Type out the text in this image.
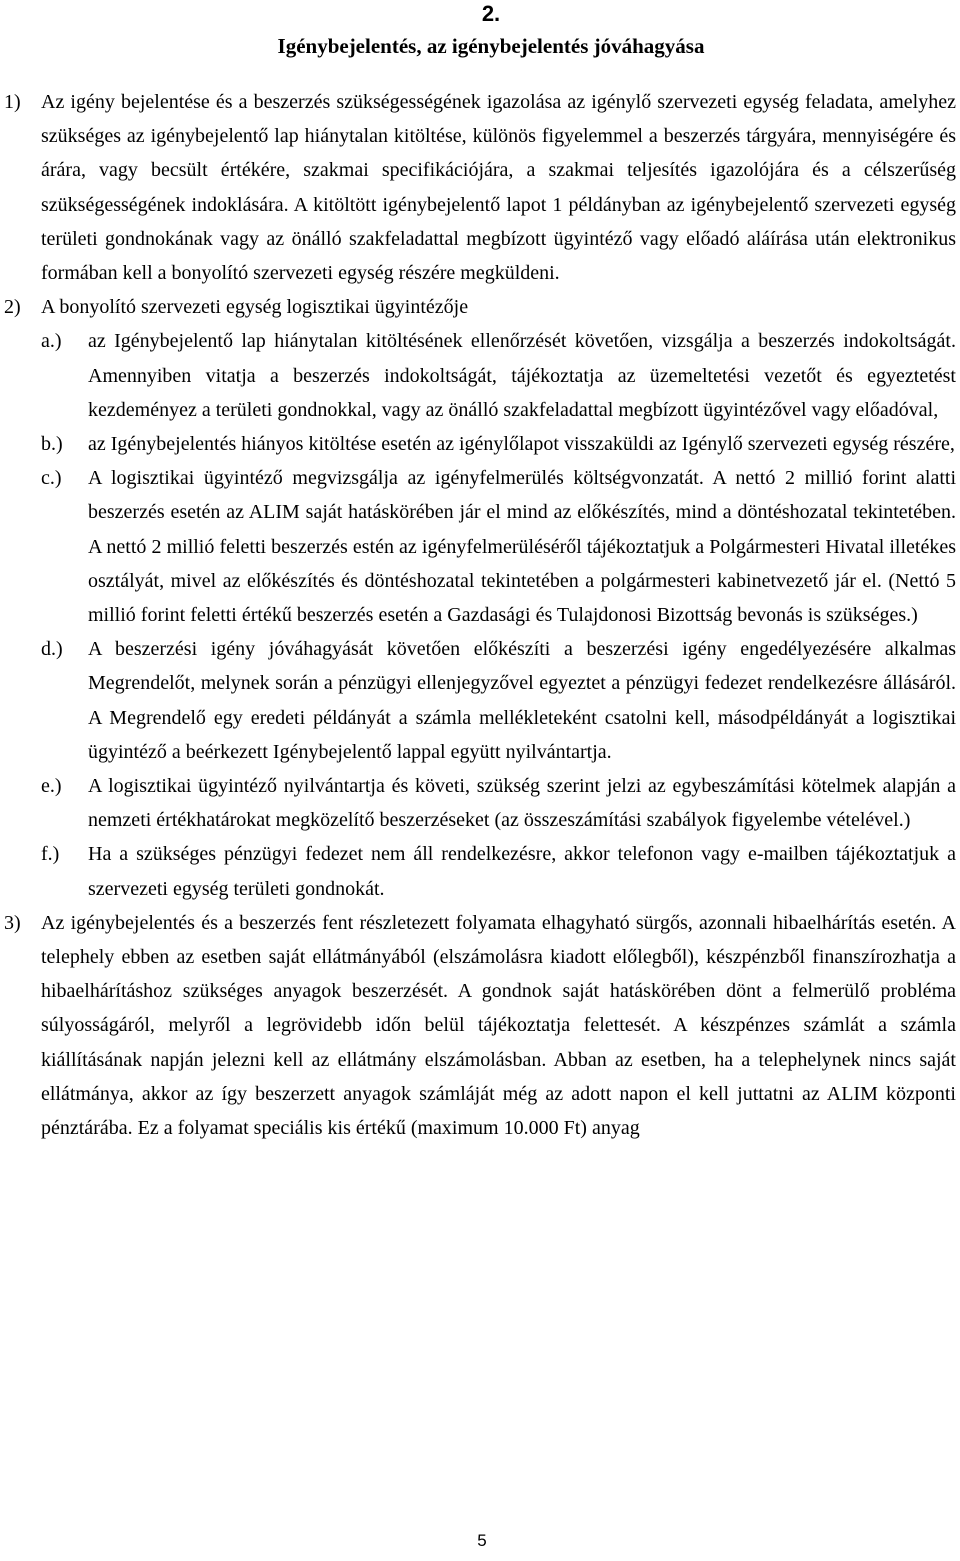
2.
Igénybejelentés, az igénybejelentés jóváhagyása
1)	Az igény bejelentése és a beszerzés szükségességének igazolása az igénylő szervezeti egység feladata, amelyhez szükséges az igénybejelentő lap hiánytalan kitöltése, különös figyelemmel a beszerzés tárgyára, mennyiségére és árára, vagy becsült értékére, szakmai specifikációjára, a szakmai teljesítés igazolójára és a célszerűség szükségességének indoklására. A kitöltött igénybejelentő lapot 1 példányban az igénybejelentő szervezeti egység területi gondnokának vagy az önálló szakfeladattal megbízott ügyintéző vagy előadó aláírása után elektronikus formában kell a bonyolító szervezeti egység részére megküldeni.
2)	A bonyolító szervezeti egység logisztikai ügyintézője
a.)	az Igénybejelentő lap hiánytalan kitöltésének ellenőrzését követően, vizsgálja a beszerzés indokoltságát. Amennyiben vitatja a beszerzés indokoltságát, tájékoztatja az üzemeltetési vezetőt és egyeztetést kezdeményez a területi gondnokkal, vagy az önálló szakfeladattal megbízott ügyintézővel vagy előadóval,
b.)	az Igénybejelentés hiányos kitöltése esetén az igénylőlapot visszaküldi az Igénylő szervezeti egység részére,
c.)	A logisztikai ügyintéző megvizsgálja az igényfelmerülés költségvonzatát. A nettó 2 millió forint alatti beszerzés esetén az ALIM saját hatáskörében jár el mind az előkészítés, mind a döntéshozatal tekintetében. A nettó 2 millió feletti beszerzés estén az igényfelmerüléséről tájékoztatjuk a Polgármesteri Hivatal illetékes osztályát, mivel az előkészítés és döntéshozatal tekintetében a polgármesteri kabinetvezető jár el. (Nettó 5 millió forint feletti értékű beszerzés esetén a Gazdasági és Tulajdonosi Bizottság bevonás is szükséges.)
d.)	A beszerzési igény jóváhagyását követően előkészíti a beszerzési igény engedélyezésére alkalmas Megrendelőt, melynek során a pénzügyi ellenjegyzővel egyeztet a pénzügyi fedezet rendelkezésre állásáról. A Megrendelő egy eredeti példányát a számla mellékleteként csatolni kell, másodpéldányát a logisztikai ügyintéző a beérkezett Igénybejelentő lappal együtt nyilvántartja.
e.)	A logisztikai ügyintéző nyilvántartja és követi, szükség szerint jelzi az egybeszámítási kötelmek alapján a nemzeti értékhatárokat megközelítő beszerzéseket (az összeszámítási szabályok figyelembe vételével.)
f.)	Ha a szükséges pénzügyi fedezet nem áll rendelkezésre, akkor telefonon vagy e-mailben tájékoztatjuk a szervezeti egység területi gondnokát.
3)	Az igénybejelentés és a beszerzés fent részletezett folyamata elhagyható sürgős, azonnali hibaelhárítás esetén. A telephely ebben az esetben saját ellátmányából (elszámolásra kiadott előlegből), készpénzből finanszírozhatja a hibaelhárításhoz szükséges anyagok beszerzését. A gondnok saját hatáskörében dönt a felmerülő probléma súlyosságáról, melyről a legrövidebb időn belül tájékoztatja felettesét. A készpénzes számlát a számla kiállításának napján jelezni kell az ellátmány elszámolásban. Abban az esetben, ha a telephelynek nincs saját ellátmánya, akkor az így beszerzett anyagok számláját még az adott napon el kell juttatni az ALIM központi pénztárába. Ez a folyamat speciális kis értékű (maximum 10.000 Ft) anyag
5
